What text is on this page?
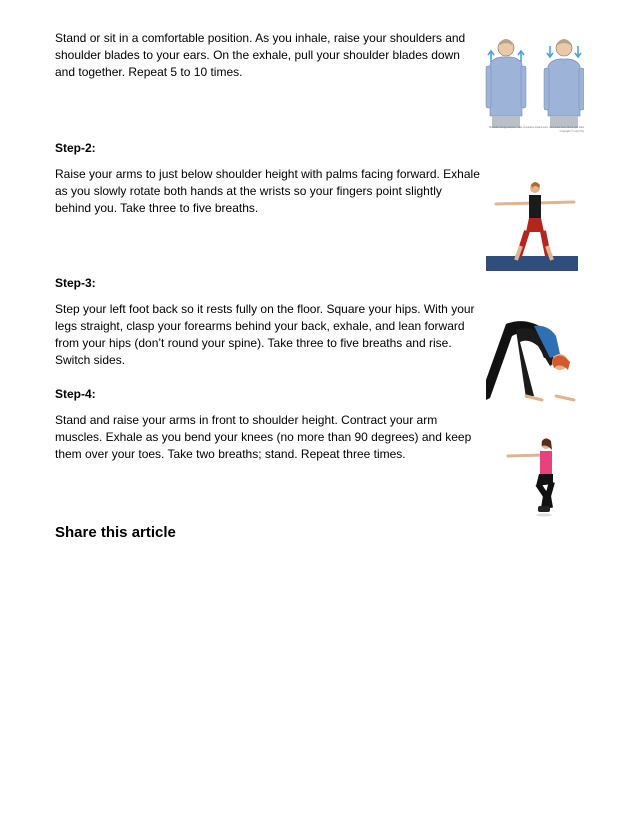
Stand or sit in a comfortable position. As you inhale, raise your shoulders and shoulder blades to your ears. On the exhale, pull your shoulder blades down and together. Repeat 5 to 10 times.

Shoulder shrug exercise: raise shoulders toward ears, then draw them down and back
Copyright © Lucy Hoy

Step-2:

Raise your arms to just below shoulder height with palms facing forward. Exhale as you slowly rotate both hands at the wrists so your fingers point slightly behind you. Take three to five breaths.

Step-3:

Step your left foot back so it rests fully on the floor. Square your hips. With your legs straight, clasp your forearms behind your back, exhale, and lean forward from your hips (don’t round your spine). Take three to five breaths and rise. Switch sides.

Step-4:

Stand and raise your arms in front to shoulder height. Contract your arm muscles. Exhale as you bend your knees (no more than 90 degrees) and keep them over your toes. Take two breaths; stand. Repeat three times.

Share this article
